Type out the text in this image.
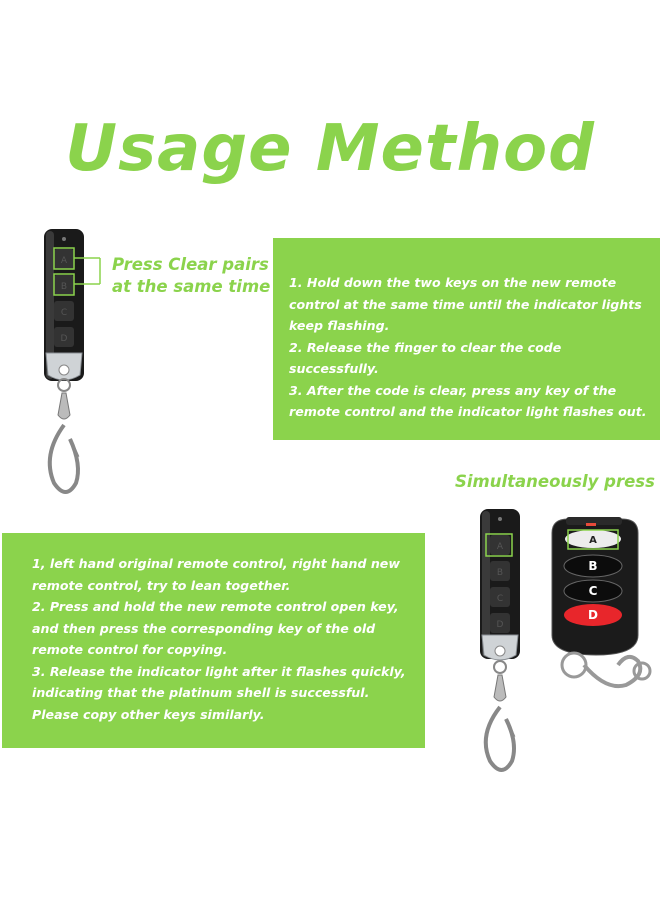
Usage Method
A
B
C
D
Press Clear pairs
at the same time 1. Hold down the two keys on the new remote

control at the same time until the indicator lights

keep flashing.

2. Release the finger to clear the code successfully.

3. After the code is clear, press any key of the

remote control and the indicator light flashes out.

Simultaneously press

1, left hand original remote control, right hand new

remote control, try to lean together.

2. Press and hold the new remote control open key,

and then press the corresponding key of the old

remote control for copying.

3. Release the indicator light after it flashes quickly,

indicating that the platinum shell is successful.

Please copy other keys similarly.

A
B
C
D
A
B
C
D
